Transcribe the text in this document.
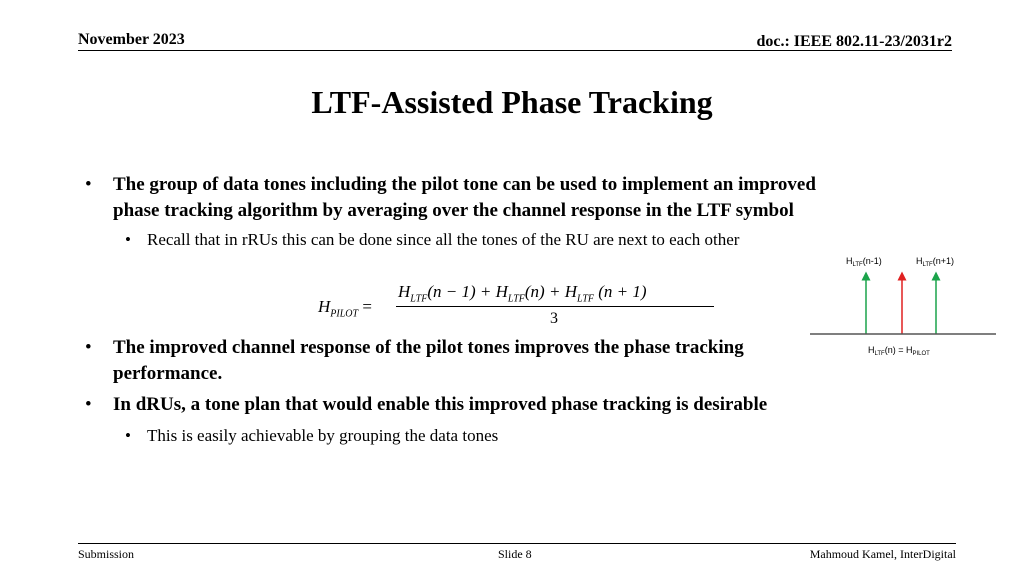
November 2023	doc.: IEEE 802.11-23/2031r2
LTF-Assisted Phase Tracking
• The group of data tones including the pilot tone can be used to implement an improved
phase tracking algorithm by averaging over the channel response in the LTF symbol
• Recall that in rRUs this can be done since all the tones of the RU are next to each other
$H_{PILOT}$ =
$H_{LTF}(n - 1) + H_{LTF}(n) + H_{LTF}$ (n + 1)
3
• The improved channel response of the pilot tones improves the phase tracking
performance.
• In dRUs, a tone plan that would enable this improved phase tracking is desirable
• This is easily achievable by grouping the data tones
$H_{LTF}(n-1)$	$H_{LTF}(n+1)$
$H_{LTF}(n) = H_{PILOT}$
Submission	Slide 8	Mahmoud Kamel, InterDigital
